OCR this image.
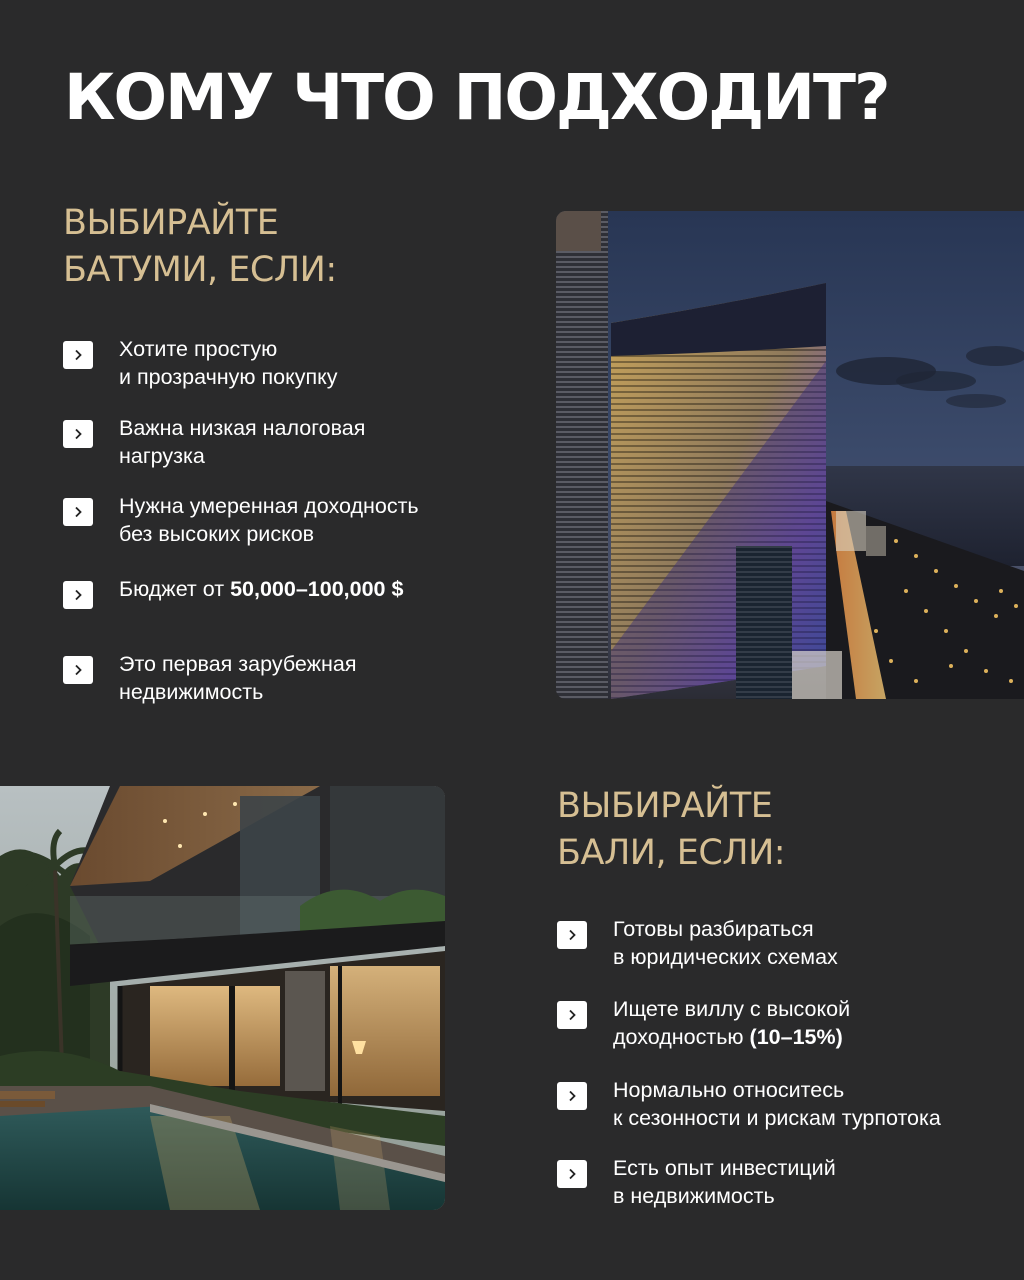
КОМУ ЧТО ПОДХОДИТ?
ВЫБИРАЙТЕ
БАТУМИ, ЕСЛИ:
Хотите простую
и прозрачную покупку
Важна низкая налоговая
нагрузка
Нужна умеренная доходность
без высоких рисков
Бюджет от 50,000–100,000 $
Это первая зарубежная
недвижимость
ВЫБИРАЙТЕ
БАЛИ, ЕСЛИ:
Готовы разбираться
в юридических схемах
Ищете виллу с высокой
доходностью (10–15%)
Нормально относитесь
к сезонности и рискам турпотока
Есть опыт инвестиций
в недвижимость
